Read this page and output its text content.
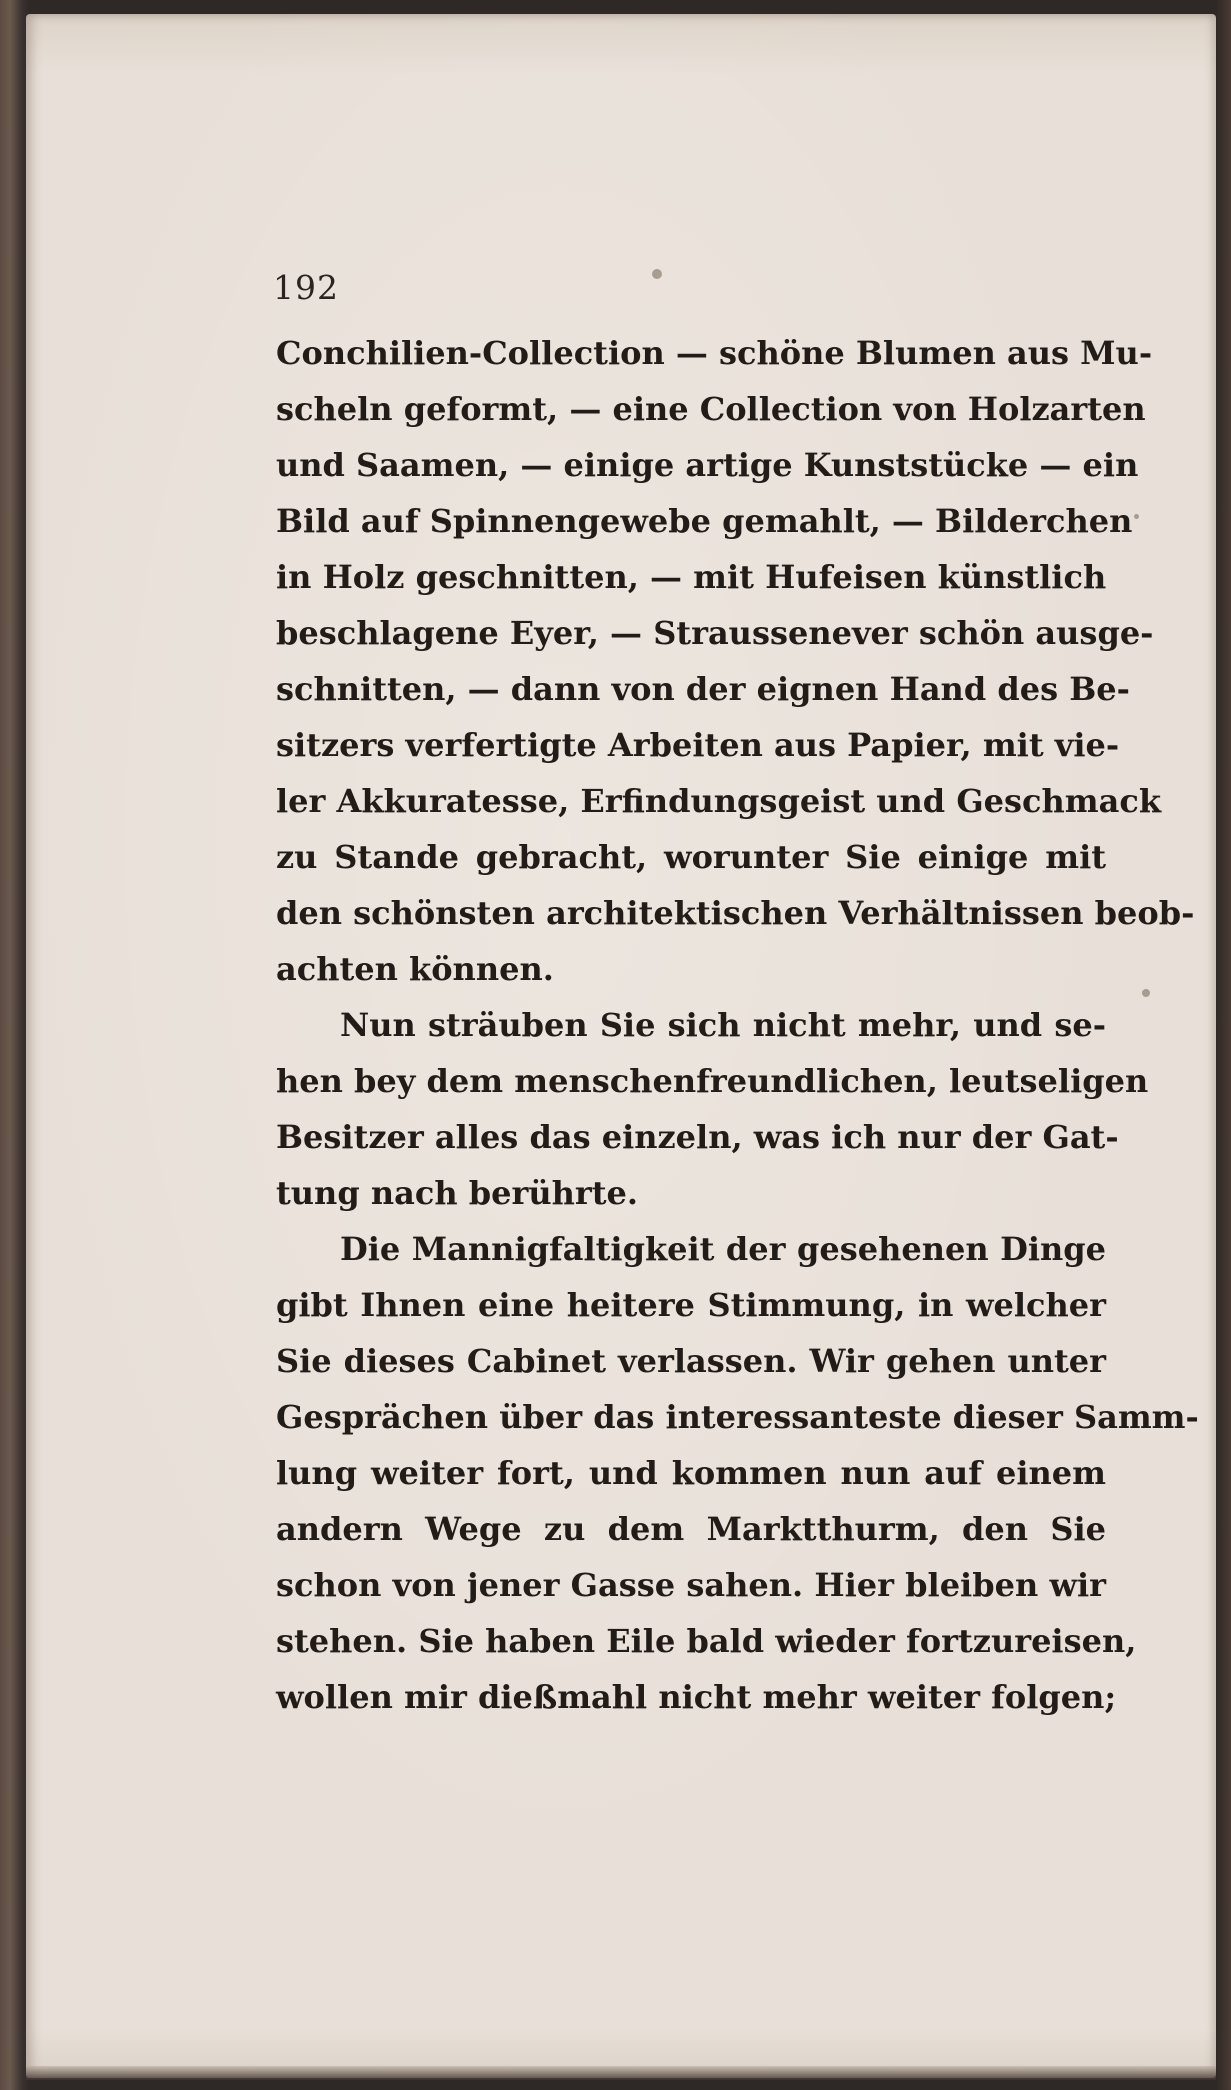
192
Conchilien-Collection — schöne Blumen aus Mu-
scheln geformt, — eine Collection von Holzarten
und Saamen, — einige artige Kunststücke — ein
Bild auf Spinnengewebe gemahlt, — Bilderchen
in Holz geschnitten, — mit Hufeisen künstlich
beschlagene Eyer, — Straussenever schön ausge-
schnitten, — dann von der eignen Hand des Be-
sitzers verfertigte Arbeiten aus Papier, mit vie-
ler Akkuratesse, Erfindungsgeist und Geschmack
zu Stande gebracht, worunter Sie einige mit
den schönsten architektischen Verhältnissen beob-
achten können.
Nun sträuben Sie sich nicht mehr, und se-
hen bey dem menschenfreundlichen, leutseligen
Besitzer alles das einzeln, was ich nur der Gat-
tung nach berührte.
Die Mannigfaltigkeit der gesehenen Dinge
gibt Ihnen eine heitere Stimmung, in welcher
Sie dieses Cabinet verlassen. Wir gehen unter
Gesprächen über das interessanteste dieser Samm-
lung weiter fort, und kommen nun auf einem
andern Wege zu dem Marktthurm, den Sie
schon von jener Gasse sahen. Hier bleiben wir
stehen. Sie haben Eile bald wieder fortzureisen,
wollen mir dießmahl nicht mehr weiter folgen;
